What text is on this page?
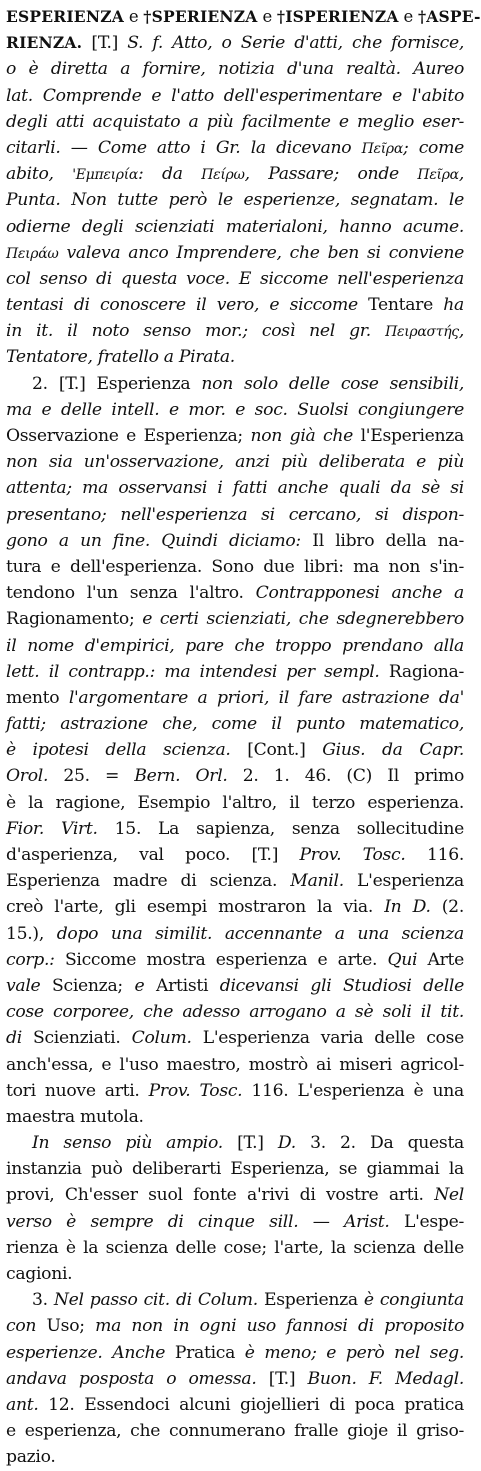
ESPERIENZA e †SPERIENZA e †ISPERIENZA e †ASPE-
RIENZA. [T.] S. f. Atto, o Serie d'atti, che fornisce,
o è diretta a fornire, notizia d'una realtà. Aureo
lat. Comprende e l'atto dell'esperimentare e l'abito
degli atti acquistato a più facilmente e meglio eser-
citarli. — Come atto i Gr. la dicevano Πεῖρα; come
abito, 'Εμπειρία: da Πείρω, Passare; onde Πεῖρα,
Punta. Non tutte però le esperienze, segnatam. le
odierne degli scienziati materialoni, hanno acume.
Πειράω valeva anco Imprendere, che ben si conviene
col senso di questa voce. E siccome nell'esperienza
tentasi di conoscere il vero, e siccome Tentare ha
in it. il noto senso mor.; così nel gr. Πειραστής,
Tentatore, fratello a Pirata.
2. [T.] Esperienza non solo delle cose sensibili,
ma e delle intell. e mor. e soc. Suolsi congiungere
Osservazione e Esperienza; non già che l'Esperienza
non sia un'osservazione, anzi più deliberata e più
attenta; ma osservansi i fatti anche quali da sè si
presentano; nell'esperienza si cercano, si dispon-
gono a un fine. Quindi diciamo: Il libro della na-
tura e dell'esperienza. Sono due libri: ma non s'in-
tendono l'un senza l'altro. Contrapponesi anche a
Ragionamento; e certi scienziati, che sdegnerebbero
il nome d'empirici, pare che troppo prendano alla
lett. il contrapp.: ma intendesi per sempl. Ragiona-
mento l'argomentare a priori, il fare astrazione da'
fatti; astrazione che, come il punto matematico,
è ipotesi della scienza. [Cont.] Gius. da Capr.
Orol. 25. = Bern. Orl. 2. 1. 46. (C) Il primo
è la ragione, Esempio l'altro, il terzo esperienza.
Fior. Virt. 15. La sapienza, senza sollecitudine
d'asperienza, val poco. [T.] Prov. Tosc. 116.
Esperienza madre di scienza. Manil. L'esperienza
creò l'arte, gli esempi mostraron la via. In D. (2.
15.), dopo una similit. accennante a una scienza
corp.: Siccome mostra esperienza e arte. Qui Arte
vale Scienza; e Artisti dicevansi gli Studiosi delle
cose corporee, che adesso arrogano a sè soli il tit.
di Scienziati. Colum. L'esperienza varia delle cose
anch'essa, e l'uso maestro, mostrò ai miseri agricol-
tori nuove arti. Prov. Tosc. 116. L'esperienza è una
maestra mutola.
In senso più ampio. [T.] D. 3. 2. Da questa
instanzia può deliberarti Esperienza, se giammai la
provi, Ch'esser suol fonte a'rivi di vostre arti. Nel
verso è sempre di cinque sill. — Arist. L'espe-
rienza è la scienza delle cose; l'arte, la scienza delle
cagioni.
3. Nel passo cit. di Colum. Esperienza è congiunta
con Uso; ma non in ogni uso fannosi di proposito
esperienze. Anche Pratica è meno; e però nel seg.
andava posposta o omessa. [T.] Buon. F. Medagl.
ant. 12. Essendoci alcuni giojellieri di poca pratica
e esperienza, che connumerano fralle gioje il griso-
pazio.
